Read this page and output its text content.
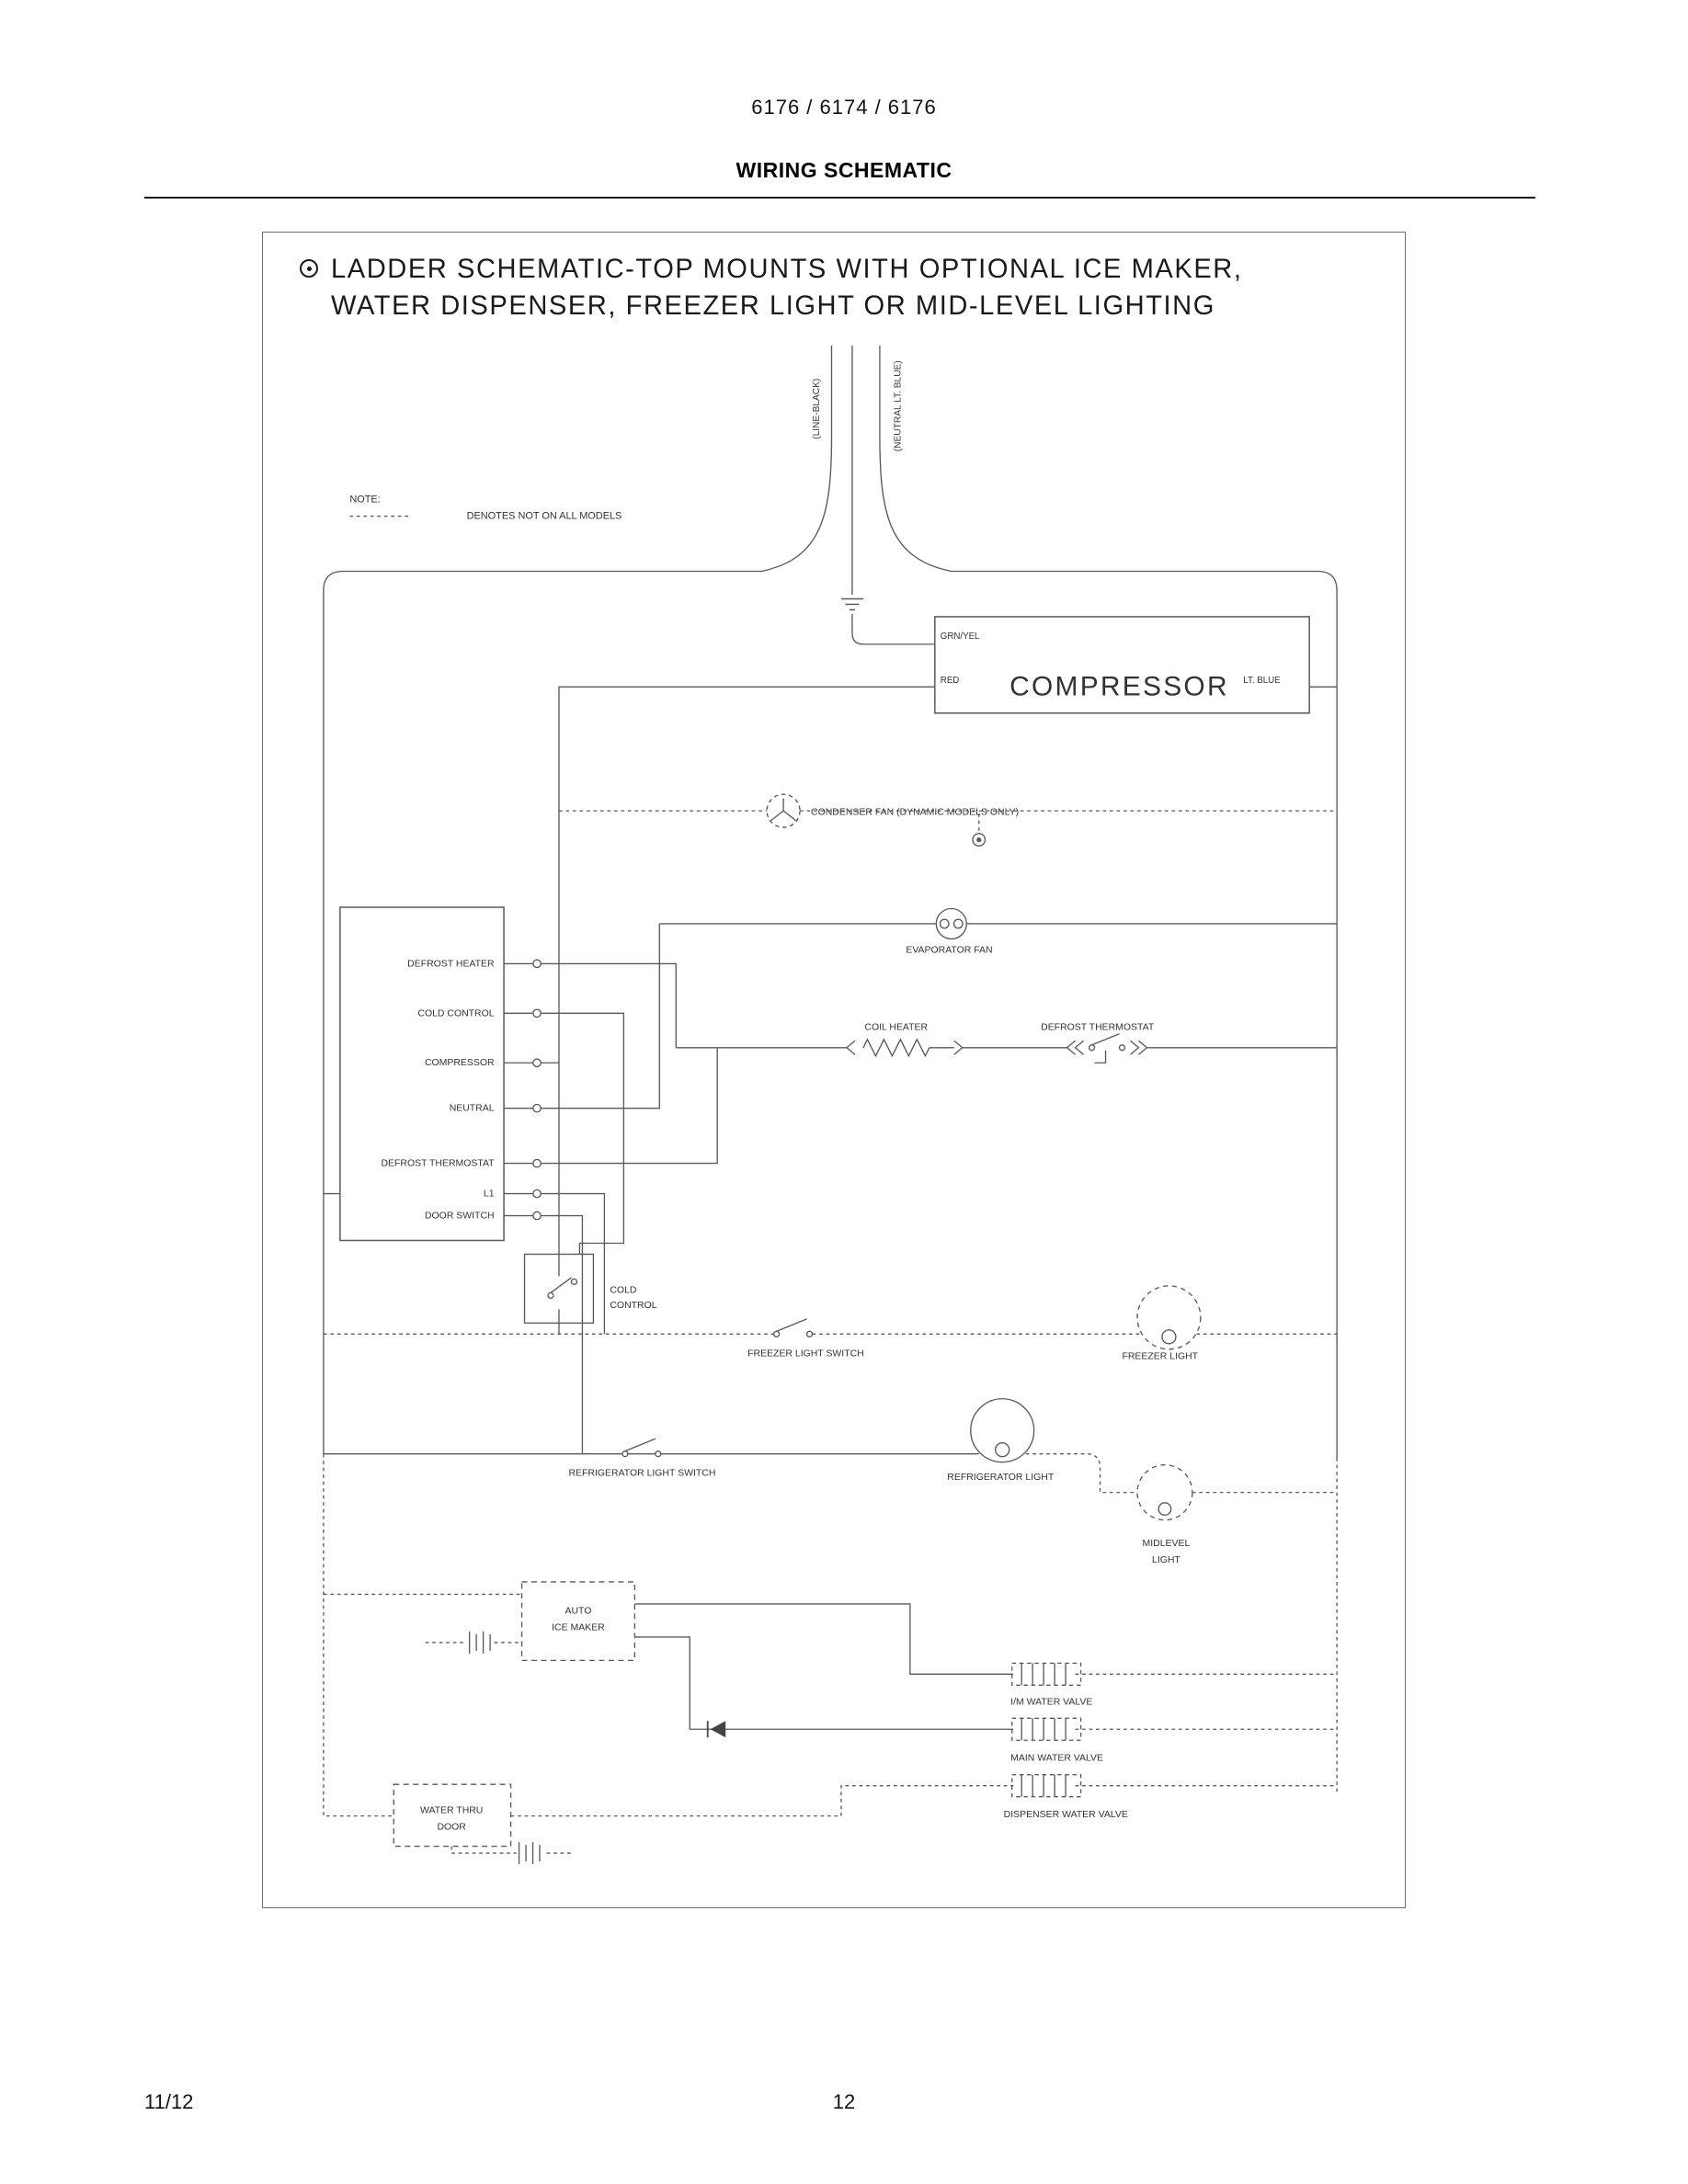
6176 / 6174 / 6176
WIRING SCHEMATIC
LADDER SCHEMATIC-TOP MOUNTS WITH OPTIONAL ICE MAKER,
WATER DISPENSER, FREEZER LIGHT OR MID-LEVEL LIGHTING
NOTE:
DENOTES NOT ON ALL MODELS
(LINE-BLACK)	(NEUTRAL LT. BLUE)
GRN/YEL
RED	LT. BLUE
COMPRESSOR
CONDENSER FAN (DYNAMIC MODELS ONLY)
EVAPORATOR FAN
DEFROST HEATER
COLD CONTROL
COMPRESSOR
NEUTRAL
DEFROST THERMOSTAT
L1
DOOR SWITCH
COIL HEATER	DEFROST THERMOSTAT
COLD
CONTROL
FREEZER LIGHT SWITCH	FREEZER LIGHT
REFRIGERATOR LIGHT SWITCH	REFRIGERATOR LIGHT
MIDLEVEL
LIGHT
AUTO
ICE MAKER
WATER THRU
DOOR
I/M WATER VALVE
MAIN WATER VALVE
DISPENSER WATER VALVE
11/12	12
